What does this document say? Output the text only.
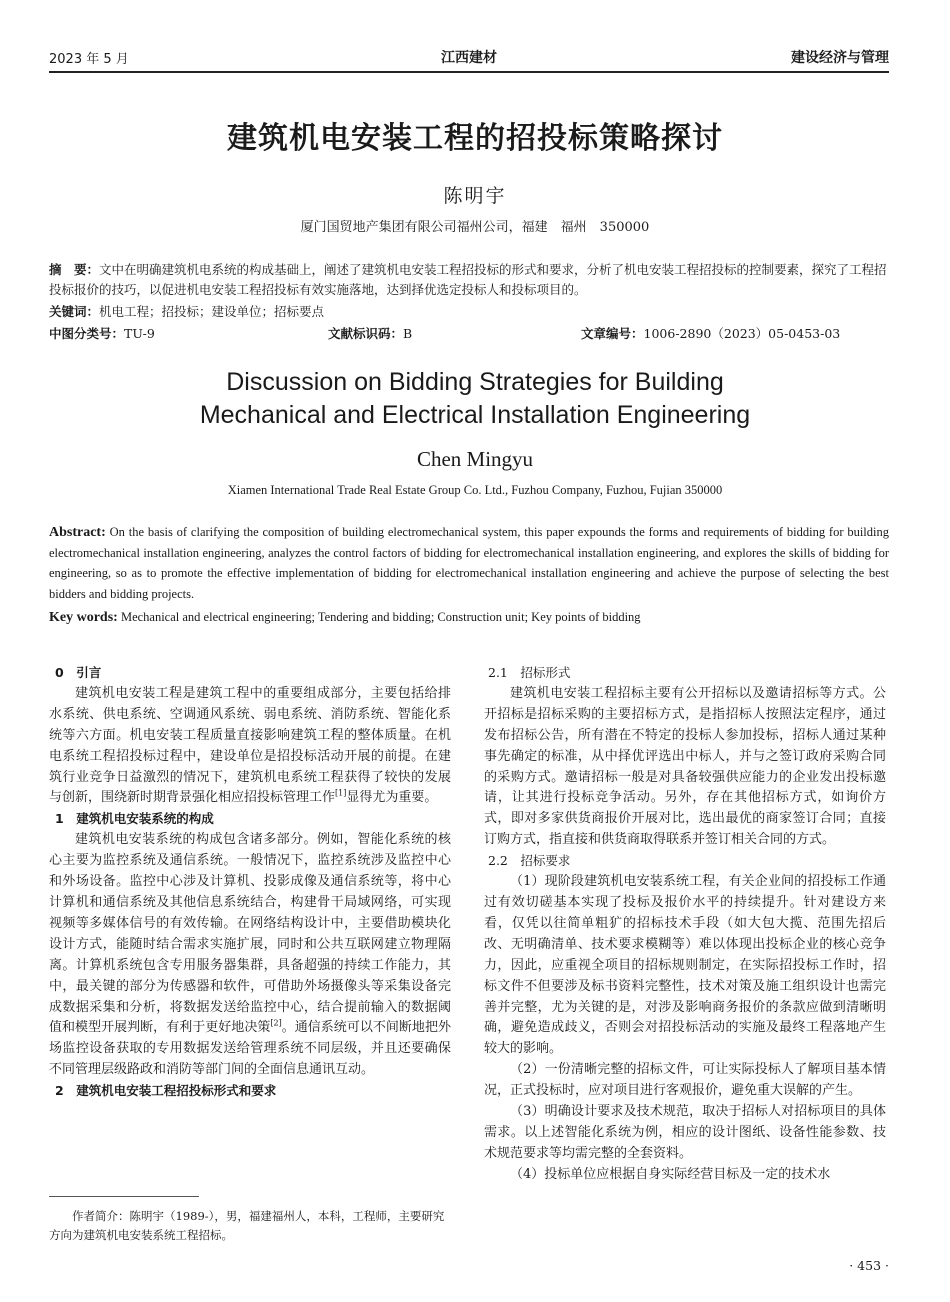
2023 年 5 月	江西建材	建设经济与管理
建筑机电安装工程的招投标策略探讨
陈明宇
厦门国贸地产集团有限公司福州公司，福建　福州　350000
摘　要：文中在明确建筑机电系统的构成基础上，阐述了建筑机电安装工程招投标的形式和要求，分析了机电安装工程招投标的控制要素，探究了工程招投标报价的技巧，以促进机电安装工程招投标有效实施落地，达到择优选定投标人和投标项目的。
关键词：机电工程；招投标；建设单位；招标要点
中图分类号：TU-9	文献标识码：B	文章编号：1006-2890（2023）05-0453-03
Discussion on Bidding Strategies for Building
Mechanical and Electrical Installation Engineering
Chen Mingyu
Xiamen International Trade Real Estate Group Co. Ltd., Fuzhou Company, Fuzhou, Fujian 350000
Abstract: On the basis of clarifying the composition of building electromechanical system, this paper expounds the forms and requirements of bidding for building electromechanical installation engineering, analyzes the control factors of bidding for electromechanical installation engineering, and explores the skills of bidding for engineering, so as to promote the effective implementation of bidding for electromechanical installation engineering and achieve the purpose of selecting the best bidders and bidding projects.
Key words: Mechanical and electrical engineering; Tendering and bidding; Construction unit; Key points of bidding
0　引言

建筑机电安装工程是建筑工程中的重要组成部分，主要包括给排水系统、供电系统、空调通风系统、弱电系统、消防系统、智能化系统等六方面。机电安装工程质量直接影响建筑工程的整体质量。在机电系统工程招投标过程中，建设单位是招投标活动开展的前提。在建筑行业竞争日益激烈的情况下，建筑机电系统工程获得了较快的发展与创新，围绕新时期背景强化相应招投标管理工作[1]显得尤为重要。

1　建筑机电安装系统的构成

建筑机电安装系统的构成包含诸多部分。例如，智能化系统的核心主要为监控系统及通信系统。一般情况下，监控系统涉及监控中心和外场设备。监控中心涉及计算机、投影成像及通信系统等，将中心计算机和通信系统及其他信息系统结合，构建骨干局域网络，可实现视频等多媒体信号的有效传输。在网络结构设计中，主要借助模块化设计方式，能随时结合需求实施扩展，同时和公共互联网建立物理隔离。计算机系统包含专用服务器集群，具备超强的持续工作能力，其中，最关键的部分为传感器和软件，可借助外场摄像头等采集设备完成数据采集和分析，将数据发送给监控中心，结合提前输入的数据阈值和模型开展判断，有利于更好地决策[2]。通信系统可以不间断地把外场监控设备获取的专用数据发送给管理系统不同层级，并且还要确保不同管理层级路政和消防等部门间的全面信息通讯互动。

2　建筑机电安装工程招投标形式和要求

作者简介：陈明宇（1989-），男，福建福州人，本科，工程师，主要研究方向为建筑机电安装系统工程招标。

2.1　招标形式

建筑机电安装工程招标主要有公开招标以及邀请招标等方式。公开招标是招标采购的主要招标方式，是指招标人按照法定程序，通过发布招标公告，所有潜在不特定的投标人参加投标，招标人通过某种事先确定的标准，从中择优评选出中标人，并与之签订政府采购合同的采购方式。邀请招标一般是对具备较强供应能力的企业发出投标邀请，让其进行投标竞争活动。另外，存在其他招标方式，如询价方式，即对多家供货商报价开展对比，选出最优的商家签订合同；直接订购方式，指直接和供货商取得联系并签订相关合同的方式。

2.2　招标要求

（1）现阶段建筑机电安装系统工程，有关企业间的招投标工作通过有效切磋基本实现了投标及报价水平的持续提升。针对建设方来看，仅凭以往简单粗犷的招标技术手段（如大包大揽、范围先招后改、无明确清单、技术要求模糊等）难以体现出投标企业的核心竞争力，因此，应重视全项目的招标规则制定，在实际招投标工作时，招标文件不但要涉及标书资料完整性，技术对策及施工组织设计也需完善并完整，尤为关键的是，对涉及影响商务报价的条款应做到清晰明确，避免造成歧义，否则会对招投标活动的实施及最终工程落地产生较大的影响。

（2）一份清晰完整的招标文件，可让实际投标人了解项目基本情况，正式投标时，应对项目进行客观报价，避免重大误解的产生。

（3）明确设计要求及技术规范，取决于招标人对招标项目的具体需求。以上述智能化系统为例，相应的设计图纸、设备性能参数、技术规范要求等均需完整的全套资料。

（4）投标单位应根据自身实际经营目标及一定的技术水

· 453 ·
